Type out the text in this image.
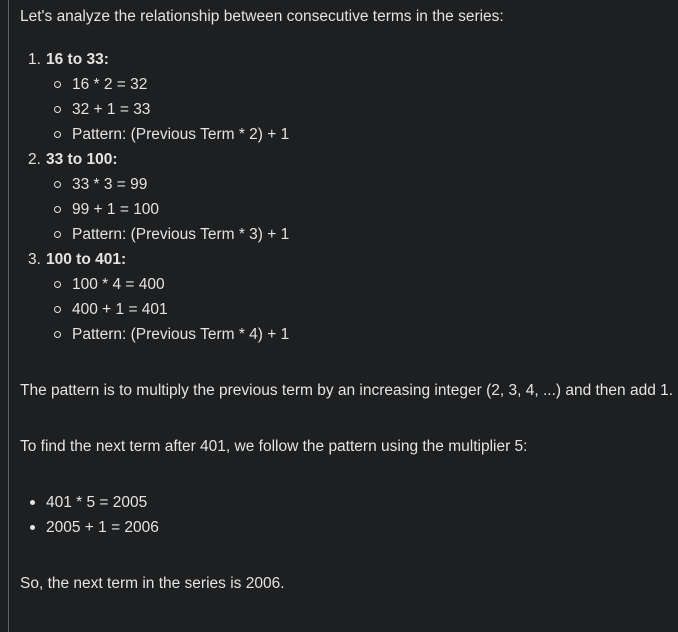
Let's analyze the relationship between consecutive terms in the series:

1. 16 to 33:
16 * 2 = 32
32 + 1 = 33
Pattern: (Previous Term * 2) + 1
2. 33 to 100:
33 * 3 = 99
99 + 1 = 100
Pattern: (Previous Term * 3) + 1
3. 100 to 401:
100 * 4 = 400
400 + 1 = 401
Pattern: (Previous Term * 4) + 1

The pattern is to multiply the previous term by an increasing integer (2, 3, 4, ...) and then add 1.

To find the next term after 401, we follow the pattern using the multiplier 5:

401 * 5 = 2005
2005 + 1 = 2006

So, the next term in the series is 2006.
